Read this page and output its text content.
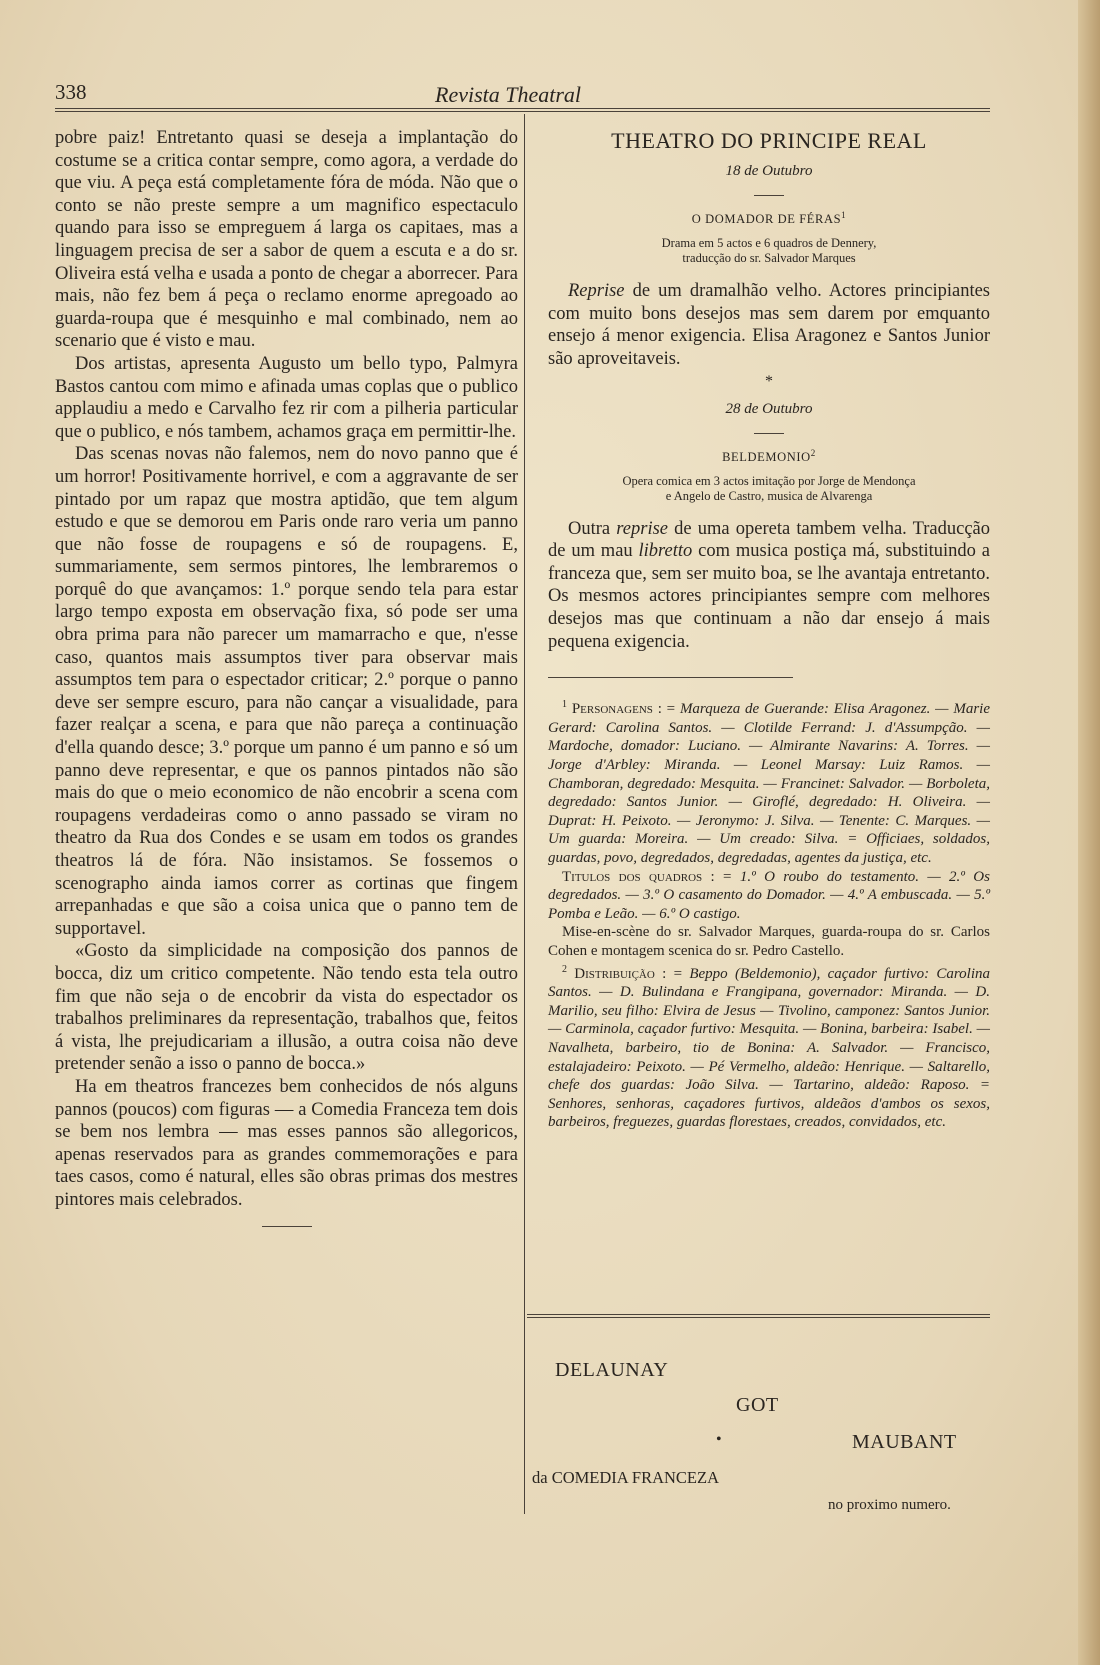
338	Revista Theatral

pobre paiz! Entretanto quasi se deseja a implantação do costume se a critica contar sempre, como agora, a verdade do que viu. A peça está completamente fóra de móda. Não que o conto se não preste sempre a um magnifico espectaculo quando para isso se empreguem á larga os capitaes, mas a linguagem precisa de ser a sabor de quem a escuta e a do sr. Oliveira está velha e usada a ponto de chegar a aborrecer. Para mais, não fez bem á peça o reclamo enorme apregoado ao guarda-roupa que é mesquinho e mal combinado, nem ao scenario que é visto e mau.

Dos artistas, apresenta Augusto um bello typo, Palmyra Bastos cantou com mimo e afinada umas coplas que o publico applaudiu a medo e Carvalho fez rir com a pilheria particular que o publico, e nós tambem, achamos graça em permittir-lhe.

Das scenas novas não falemos, nem do novo panno que é um horror! Positivamente horrivel, e com a aggravante de ser pintado por um rapaz que mostra aptidão, que tem algum estudo e que se demorou em Paris onde raro veria um panno que não fosse de roupagens e só de roupagens. E, summariamente, sem sermos pintores, lhe lembraremos o porquê do que avançamos: 1.º porque sendo tela para estar largo tempo exposta em observação fixa, só pode ser uma obra prima para não parecer um mamarracho e que, n'esse caso, quantos mais assumptos tiver para observar mais assumptos tem para o espectador criticar; 2.º porque o panno deve ser sempre escuro, para não cançar a visualidade, para fazer realçar a scena, e para que não pareça a continuação d'ella quando desce; 3.º porque um panno é um panno e só um panno deve representar, e que os pannos pintados não são mais do que o meio economico de não encobrir a scena com roupagens verdadeiras como o anno passado se viram no theatro da Rua dos Condes e se usam em todos os grandes theatros lá de fóra. Não insistamos. Se fossemos o scenographo ainda iamos correr as cortinas que fingem arrepanhadas e que são a coisa unica que o panno tem de supportavel.

«Gosto da simplicidade na composição dos pannos de bocca, diz um critico competente. Não tendo esta tela outro fim que não seja o de encobrir da vista do espectador os trabalhos preliminares da representação, trabalhos que, feitos á vista, lhe prejudicariam a illusão, a outra coisa não deve pretender senão a isso o panno de bocca.»

Ha em theatros francezes bem conhecidos de nós alguns pannos (poucos) com figuras — a Comedia Franceza tem dois se bem nos lembra — mas esses pannos são allegoricos, apenas reservados para as grandes commemorações e para taes casos, como é natural, elles são obras primas dos mestres pintores mais celebrados.

THEATRO DO PRINCIPE REAL
18 de Outubro
O DOMADOR DE FÉRAS$^1$
Drama em 5 actos e 6 quadros de Dennery,
traducção do sr. Salvador Marques

Reprise de um dramalhão velho. Actores principiantes com muito bons desejos mas sem darem por emquanto ensejo á menor exigencia. Elisa Aragonez e Santos Junior são aproveitaveis.

*
28 de Outubro
BELDEMONIO$^2$
Opera comica em 3 actos imitação por Jorge de Mendonça
e Angelo de Castro, musica de Alvarenga

Outra reprise de uma opereta tambem velha. Traducção de um mau libretto com musica postiça má, substituindo a franceza que, sem ser muito boa, se lhe avantaja entretanto. Os mesmos actores principiantes sempre com melhores desejos mas que continuam a não dar ensejo á mais pequena exigencia.

$^1$ Personagens : = Marqueza de Guerande: Elisa Aragonez. — Marie Gerard: Carolina Santos. — Clotilde Ferrand: J. d'Assumpção. — Mardoche, domador: Luciano. — Almirante Navarins: A. Torres. — Jorge d'Arbley: Miranda. — Leonel Marsay: Luiz Ramos. — Chamboran, degredado: Mesquita. — Francinet: Salvador. — Borboleta, degredado: Santos Junior. — Giroflé, degredado: H. Oliveira. — Duprat: H. Peixoto. — Jeronymo: J. Silva. — Tenente: C. Marques. — Um guarda: Moreira. — Um creado: Silva. = Officiaes, soldados, guardas, povo, degredados, degredadas, agentes da justiça, etc.

Titulos dos quadros : = 1.º O roubo do testamento. — 2.º Os degredados. — 3.º O casamento do Domador. — 4.º A embuscada. — 5.º Pomba e Leão. — 6.º O castigo.

Mise-en-scène do sr. Salvador Marques, guarda-roupa do sr. Carlos Cohen e montagem scenica do sr. Pedro Castello.

$^2$ Distribuição : = Beppo (Beldemonio), caçador furtivo: Carolina Santos. — D. Bulindana e Frangipana, governador: Miranda. — D. Marilio, seu filho: Elvira de Jesus — Tivolino, camponez: Santos Junior. — Carminola, caçador furtivo: Mesquita. — Bonina, barbeira: Isabel. — Navalheta, barbeiro, tio de Bonina: A. Salvador. — Francisco, estalajadeiro: Peixoto. — Pé Vermelho, aldeão: Henrique. — Saltarello, chefe dos guardas: João Silva. — Tartarino, aldeão: Raposo. = Senhores, senhoras, caçadores furtivos, aldeãos d'ambos os sexos, barbeiros, freguezes, guardas florestaes, creados, convidados, etc.

DELAUNAY
GOT
•	MAUBANT
da COMEDIA FRANCEZA
no proximo numero.
